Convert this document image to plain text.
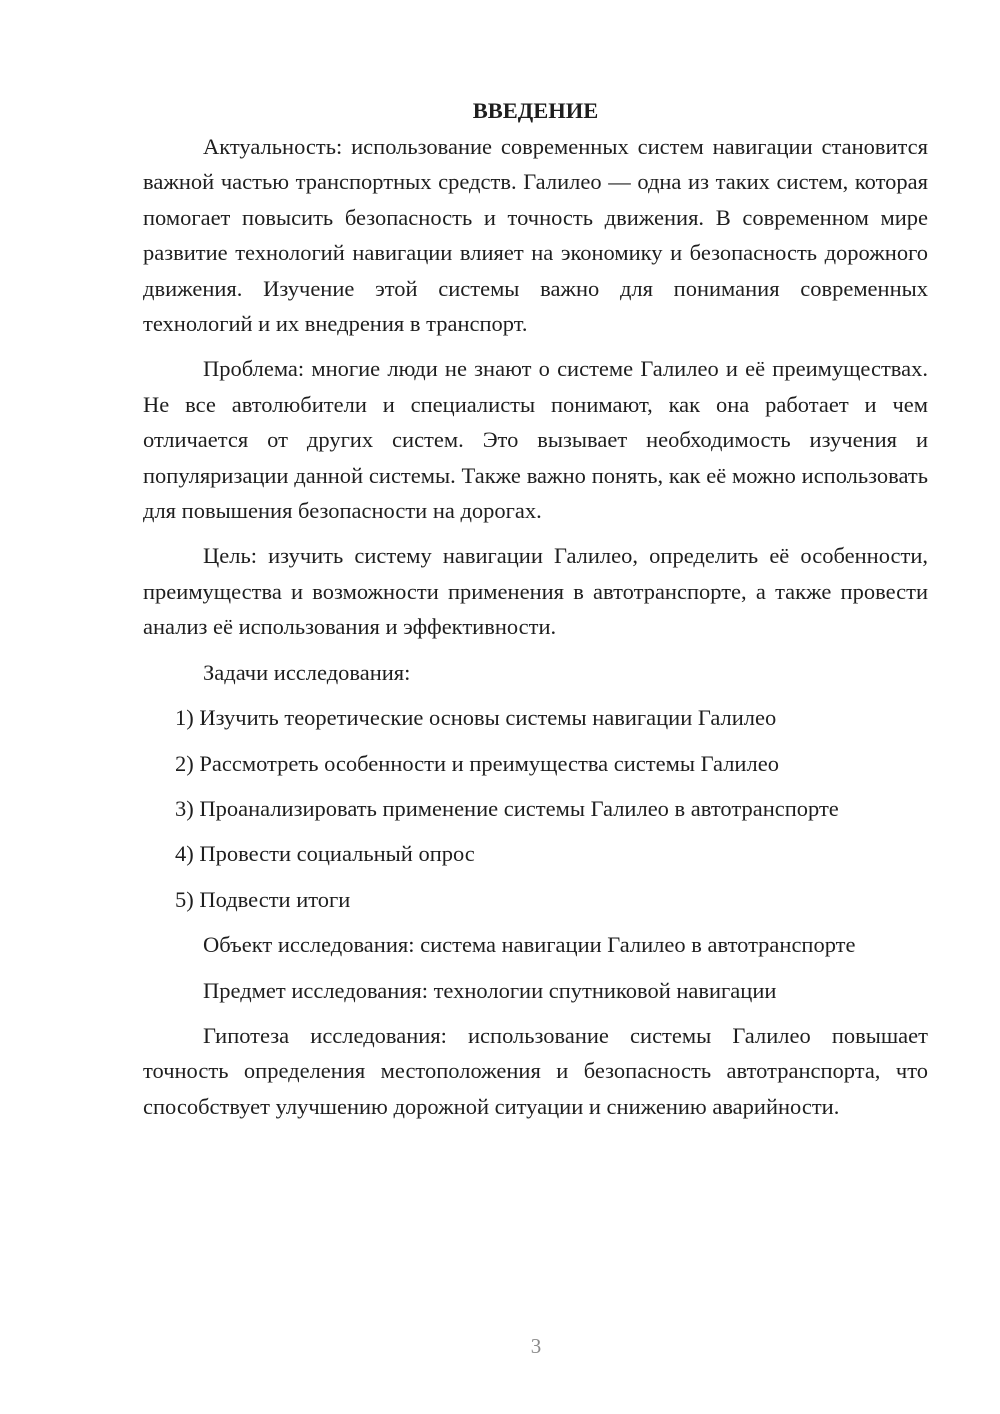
ВВЕДЕНИЕ

Актуальность: использование современных систем навигации становится важной частью транспортных средств. Галилео — одна из таких систем, которая помогает повысить безопасность и точность движения. В современном мире развитие технологий навигации влияет на экономику и безопасность дорожного движения. Изучение этой системы важно для понимания современных технологий и их внедрения в транспорт.

Проблема: многие люди не знают о системе Галилео и её преимуществах. Не все автолюбители и специалисты понимают, как она работает и чем отличается от других систем. Это вызывает необходимость изучения и популяризации данной системы. Также важно понять, как её можно использовать для повышения безопасности на дорогах.

Цель: изучить систему навигации Галилео, определить её особенности, преимущества и возможности применения в автотранспорте, а также провести анализ её использования и эффективности.

Задачи исследования:
1) Изучить теоретические основы системы навигации Галилео
2) Рассмотреть особенности и преимущества системы Галилео
3) Проанализировать применение системы Галилео в автотранспорте
4) Провести социальный опрос
5) Подвести итоги
Объект исследования: система навигации Галилео в автотранспорте
Предмет исследования: технологии спутниковой навигации

Гипотеза исследования: использование системы Галилео повышает точность определения местоположения и безопасность автотранспорта, что способствует улучшению дорожной ситуации и снижению аварийности.

3
